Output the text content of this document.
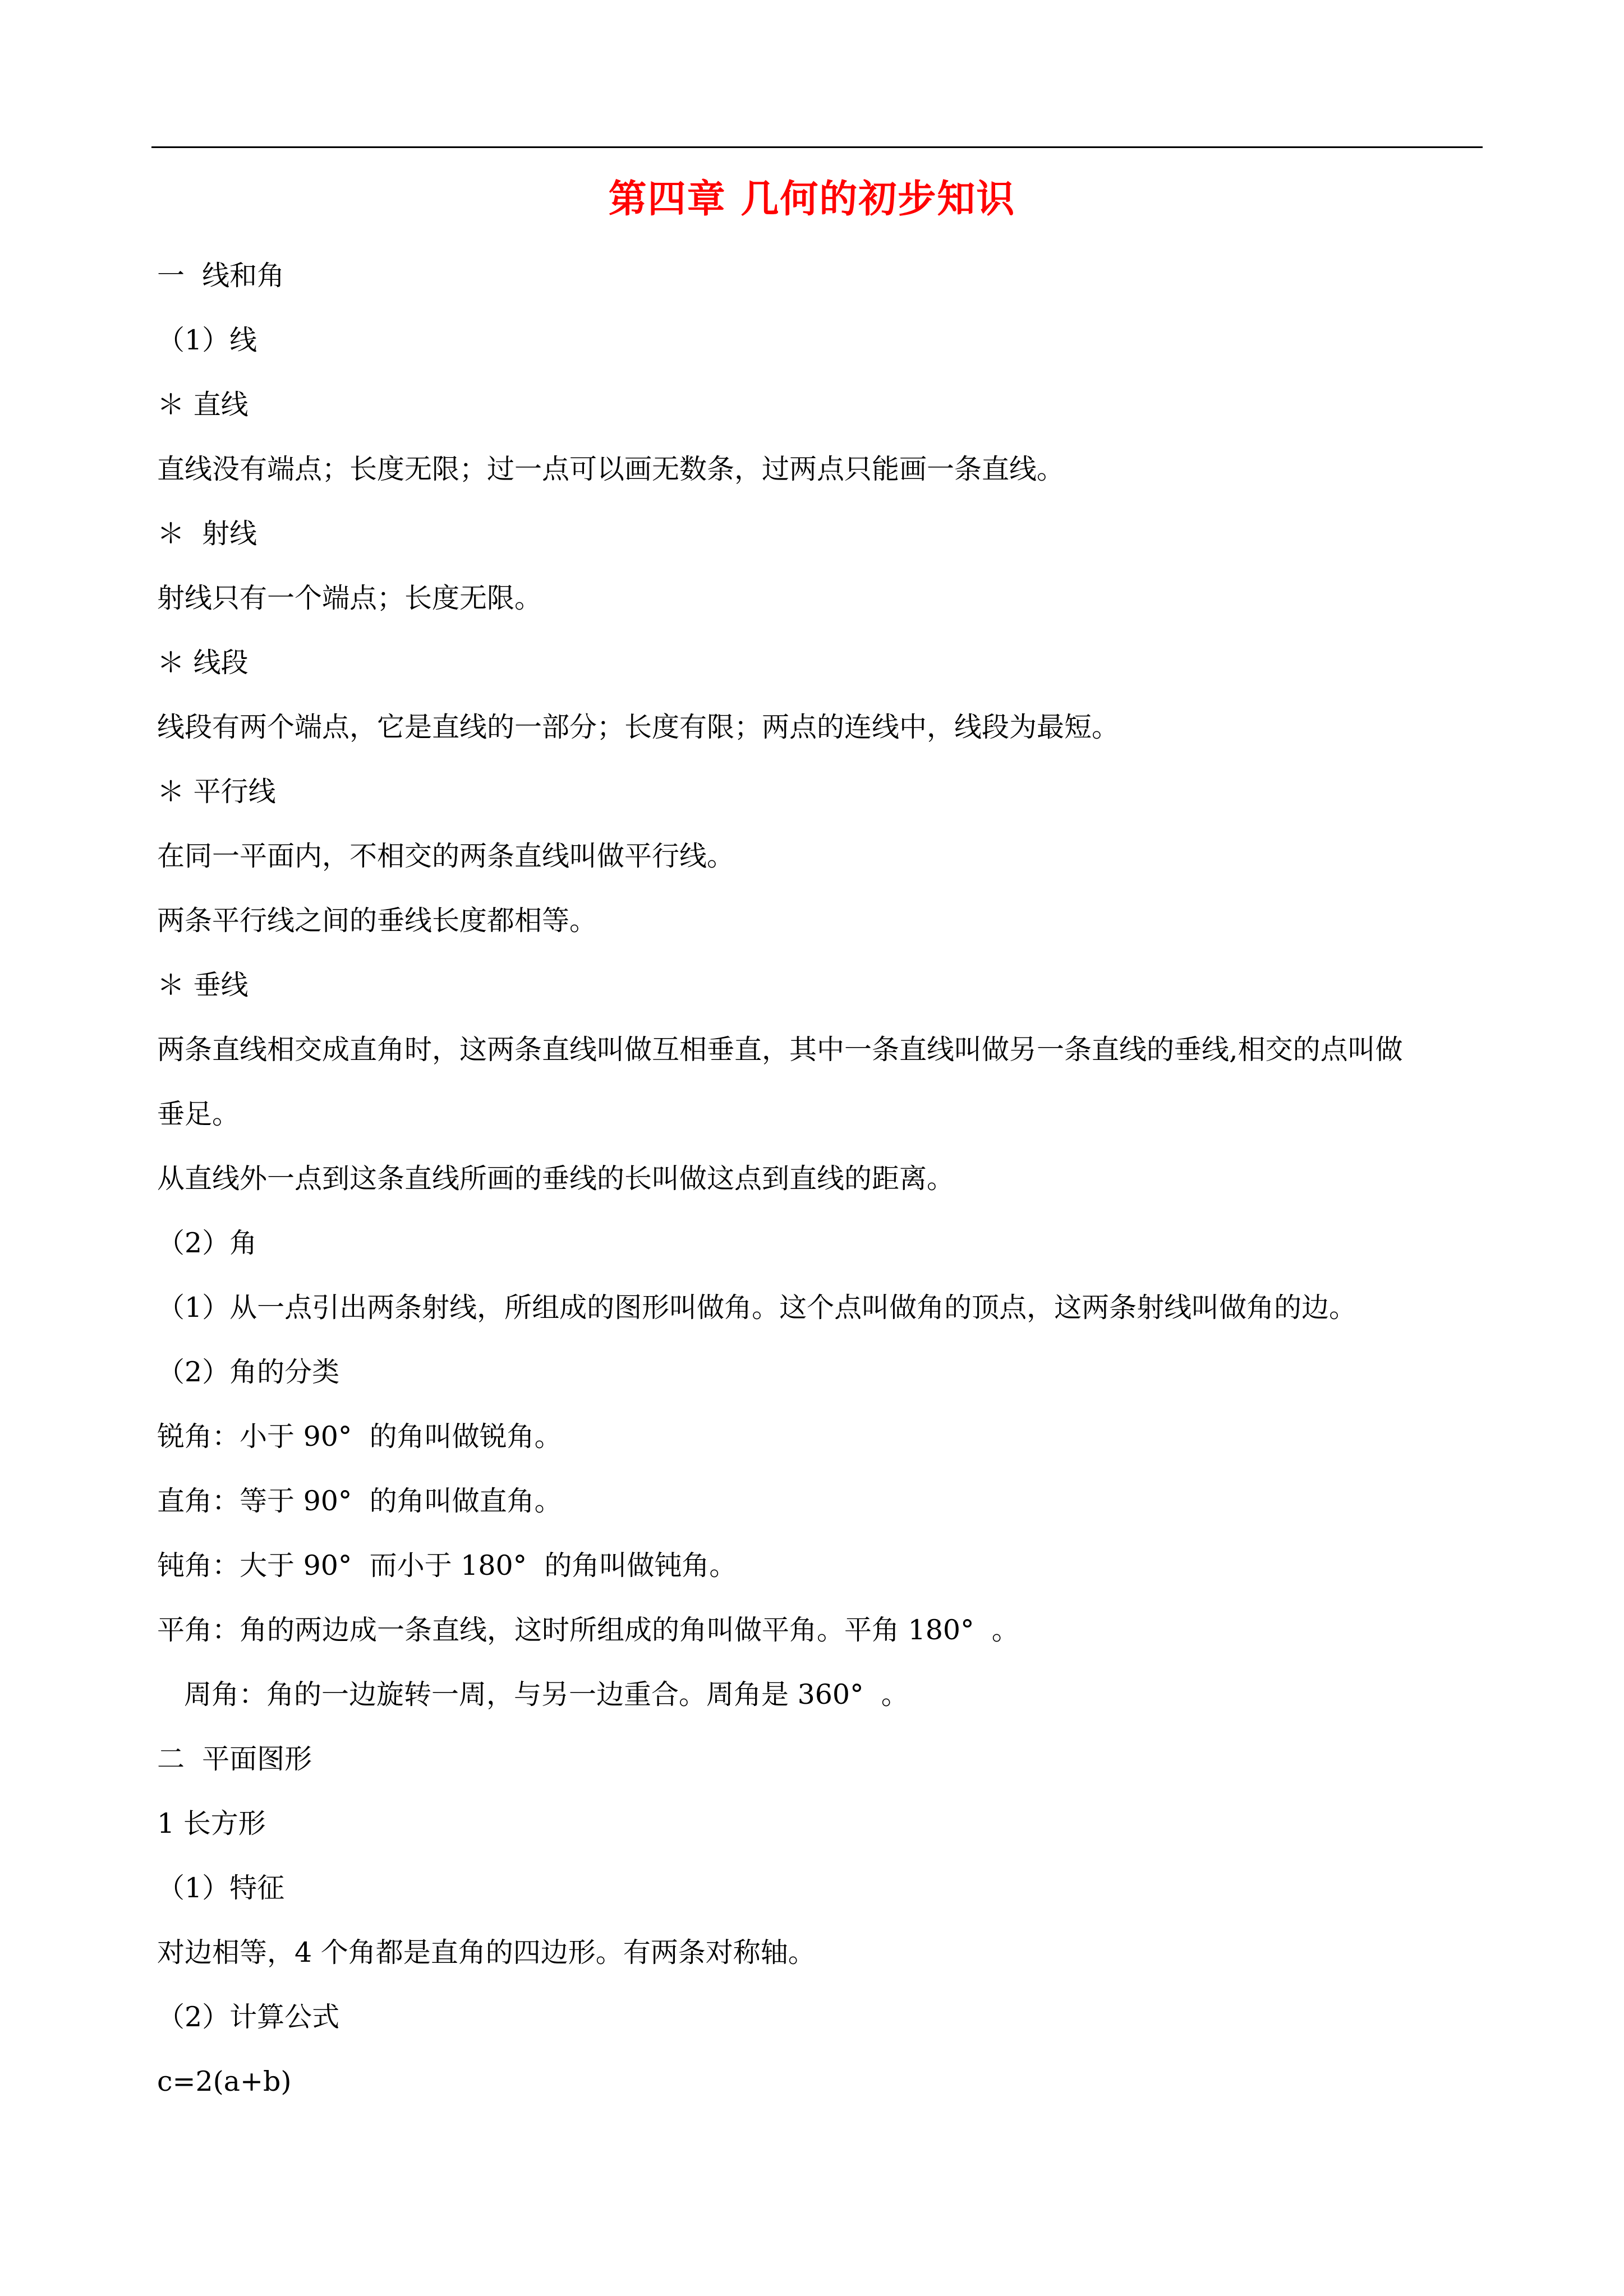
第四章 几何的初步知识
一  线和角
（1）线
＊ 直线
直线没有端点；长度无限；过一点可以画无数条，过两点只能画一条直线。
＊  射线
射线只有一个端点；长度无限。
＊ 线段
线段有两个端点，它是直线的一部分；长度有限；两点的连线中，线段为最短。
＊ 平行线
在同一平面内，不相交的两条直线叫做平行线。
两条平行线之间的垂线长度都相等。
＊ 垂线
两条直线相交成直角时，这两条直线叫做互相垂直，其中一条直线叫做另一条直线的垂线,相交的点叫做
垂足。
从直线外一点到这条直线所画的垂线的长叫做这点到直线的距离。
（2）角
（1）从一点引出两条射线，所组成的图形叫做角。这个点叫做角的顶点，这两条射线叫做角的边。
（2）角的分类
锐角：小于 90°  的角叫做锐角。
直角：等于 90°  的角叫做直角。
钝角：大于 90°  而小于 180°  的角叫做钝角。
平角：角的两边成一条直线，这时所组成的角叫做平角。平角 180°  。
周角：角的一边旋转一周，与另一边重合。周角是 360°  。
二  平面图形
1 长方形
（1）特征
对边相等，4 个角都是直角的四边形。有两条对称轴。
（2）计算公式
c=2(a+b)
